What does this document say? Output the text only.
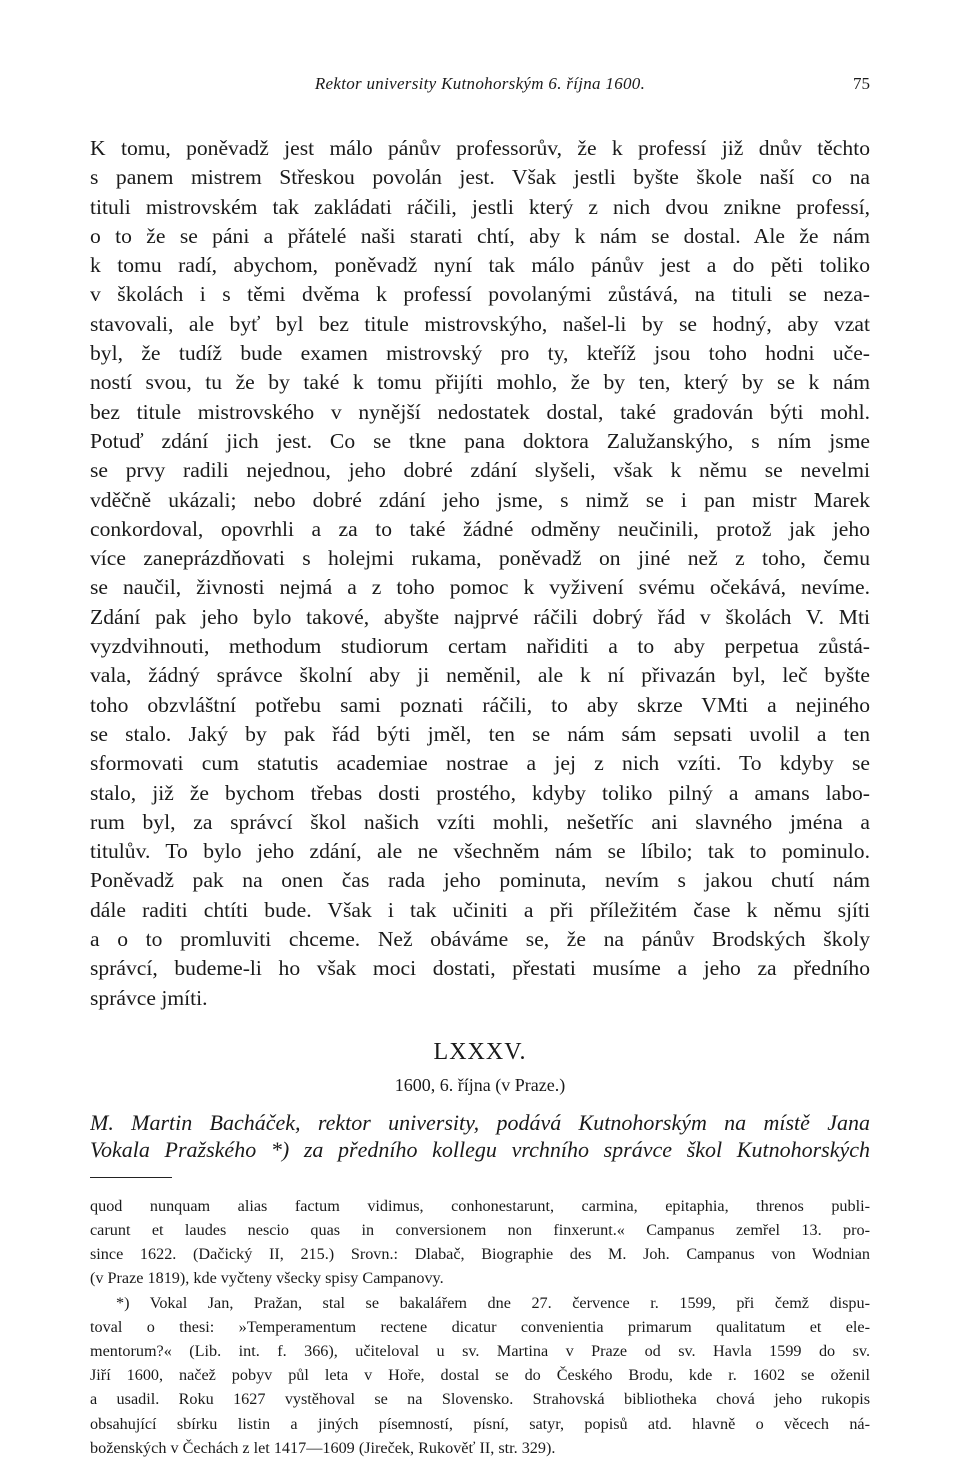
Rektor university Kutnohorským 6. října 1600.	75
K tomu, poněvadž jest málo pánův professorův, že k professí již dnův těchto
s panem mistrem Střeskou povolán jest. Však jestli byšte škole naší co na
tituli mistrovském tak zakládati ráčili, jestli který z nich dvou znikne professí,
o to že se páni a přátelé naši starati chtí, aby k nám se dostal. Ale že nám
k tomu radí, abychom, poněvadž nyní tak málo pánův jest a do pěti toliko
v školách i s těmi dvěma k professí povolanými zůstává, na tituli se neza-
stavovali, ale byť byl bez titule mistrovskýho, našel-li by se hodný, aby vzat
byl, že tudíž bude examen mistrovský pro ty, kteříž jsou toho hodni uče-
ností svou, tu že by také k tomu přijíti mohlo, že by ten, který by se k nám
bez titule mistrovského v nynější nedostatek dostal, také gradován býti mohl.
Potuď zdání jich jest. Co se tkne pana doktora Zalužanskýho, s ním jsme
se prvy radili nejednou, jeho dobré zdání slyšeli, však k němu se nevelmi
vděčně ukázali; nebo dobré zdání jeho jsme, s nimž se i pan mistr Marek
conkordoval, opovrhli a za to také žádné odměny neučinili, protož jak jeho
více zaneprázdňovati s holejmi rukama, poněvadž on jiné než z toho, čemu
se naučil, živnosti nejmá a z toho pomoc k vyživení svému očekává, nevíme.
Zdání pak jeho bylo takové, abyšte najprvé ráčili dobrý řád v školách V. Mti
vyzdvihnouti, methodum studiorum certam nařiditi a to aby perpetua zůstá-
vala, žádný správce školní aby ji neměnil, ale k ní přivazán byl, leč byšte
toho obzvláštní potřebu sami poznati ráčili, to aby skrze VMti a nejiného
se stalo. Jaký by pak řád býti jměl, ten se nám sám sepsati uvolil a ten
sformovati cum statutis academiae nostrae a jej z nich vzíti. To kdyby se
stalo, již že bychom třebas dosti prostého, kdyby toliko pilný a amans labo-
rum byl, za správcí škol našich vzíti mohli, nešetříc ani slavného jména a
titulův. To bylo jeho zdání, ale ne všechněm nám se líbilo; tak to pominulo.
Poněvadž pak na onen čas rada jeho pominuta, nevím s jakou chutí nám
dále raditi chtíti bude. Však i tak učiniti a při příležitém čase k němu sjíti
a o to promluviti chceme. Než obáváme se, že na pánův Brodských školy
správcí, budeme-li ho však moci dostati, přestati musíme a jeho za předního
správce jmíti.
LXXXV.
1600, 6. října (v Praze.)
M. Martin Bacháček, rektor university, podává Kutnohorským na místě Jana
Vokala Pražského *) za předního kollegu vrchního správce škol Kutnohorských
quod nunquam alias factum vidimus, conhonestarunt, carmina, epitaphia, threnos publi-
carunt et laudes nescio quas in conversionem non finxerunt.« Campanus zemřel 13. pro-
since 1622. (Dačický II, 215.) Srovn.: Dlabač, Biographie des M. Joh. Campanus von Wodnian
(v Praze 1819), kde vyčteny všecky spisy Campanovy.
*) Vokal Jan, Pražan, stal se bakalářem dne 27. července r. 1599, při čemž dispu-
toval o thesi: »Temperamentum rectene dicatur convenientia primarum qualitatum et ele-
mentorum?« (Lib. int. f. 366), učiteloval u sv. Martina v Praze od sv. Havla 1599 do sv.
Jiří 1600, načež pobyv půl leta v Hoře, dostal se do Českého Brodu, kde r. 1602 se oženil
a usadil. Roku 1627 vystěhoval se na Slovensko. Strahovská bibliotheka chová jeho rukopis
obsahující sbírku listin a jiných písemností, písní, satyr, popisů atd. hlavně o věcech ná-
boženských v Čechách z let 1417—1609 (Jireček, Rukověť II, str. 329).
